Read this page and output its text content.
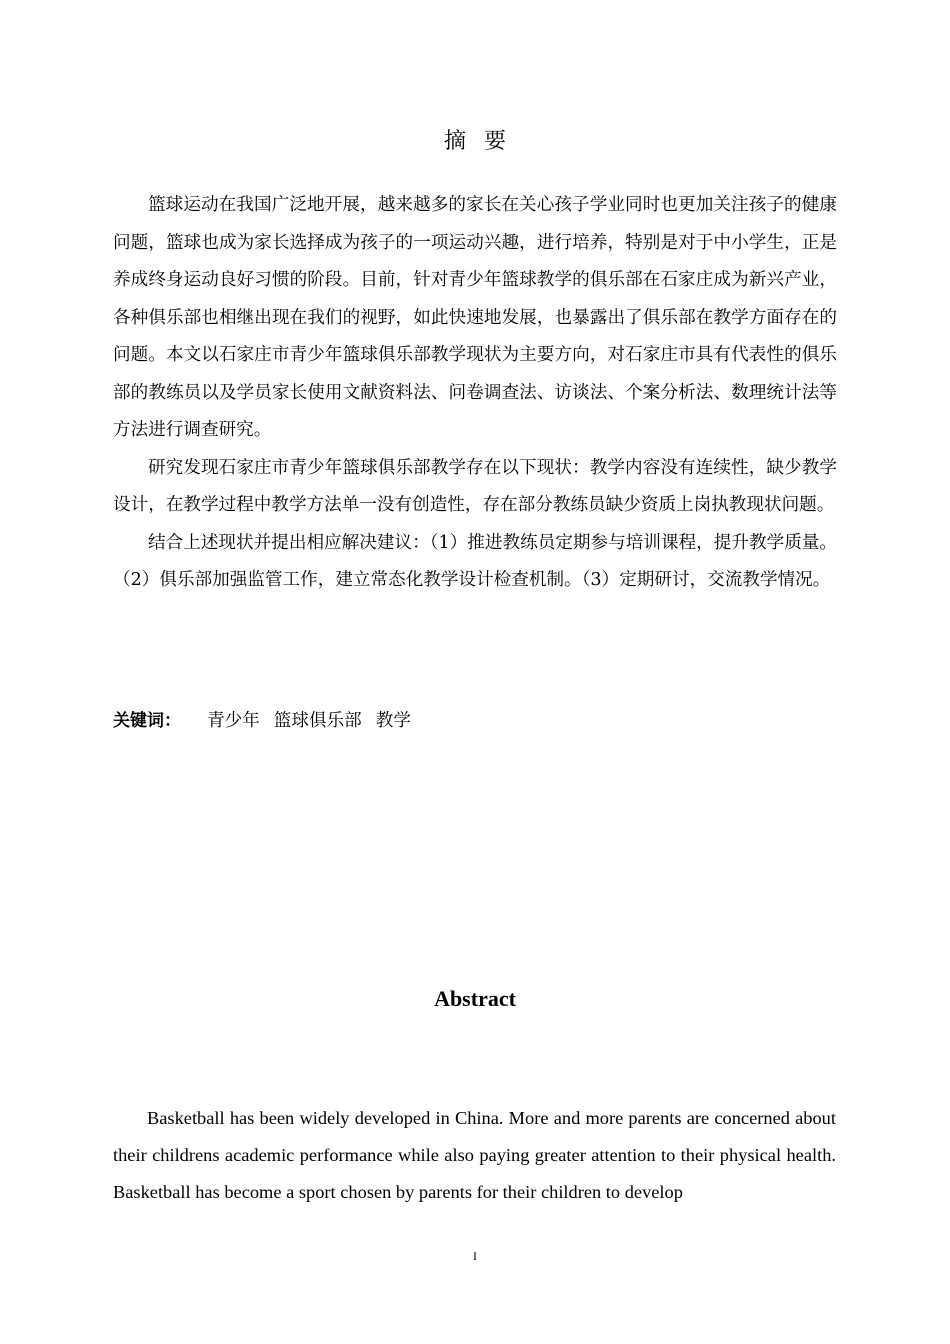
摘要

篮球运动在我国广泛地开展，越来越多的家长在关心孩子学业同时也更加关注孩子的健康问题，篮球也成为家长选择成为孩子的一项运动兴趣，进行培养，特别是对于中小学生，正是养成终身运动良好习惯的阶段。目前，针对青少年篮球教学的俱乐部在石家庄成为新兴产业，各种俱乐部也相继出现在我们的视野，如此快速地发展，也暴露出了俱乐部在教学方面存在的问题。本文以石家庄市青少年篮球俱乐部教学现状为主要方向，对石家庄市具有代表性的俱乐部的教练员以及学员家长使用文献资料法、问卷调查法、访谈法、个案分析法、数理统计法等方法进行调查研究。

研究发现石家庄市青少年篮球俱乐部教学存在以下现状：教学内容没有连续性，缺少教学设计，在教学过程中教学方法单一没有创造性，存在部分教练员缺少资质上岗执教现状问题。

结合上述现状并提出相应解决建议：（1）推进教练员定期参与培训课程，提升教学质量。（2）俱乐部加强监管工作，建立常态化教学设计检查机制。（3）定期研讨，交流教学情况。

关键词： 青少年 篮球俱乐部 教学
Abstract

Basketball has been widely developed in China. More and more parents are concerned about their childrens academic performance while also paying greater attention to their physical health. Basketball has become a sport chosen by parents for their children to develop

I
